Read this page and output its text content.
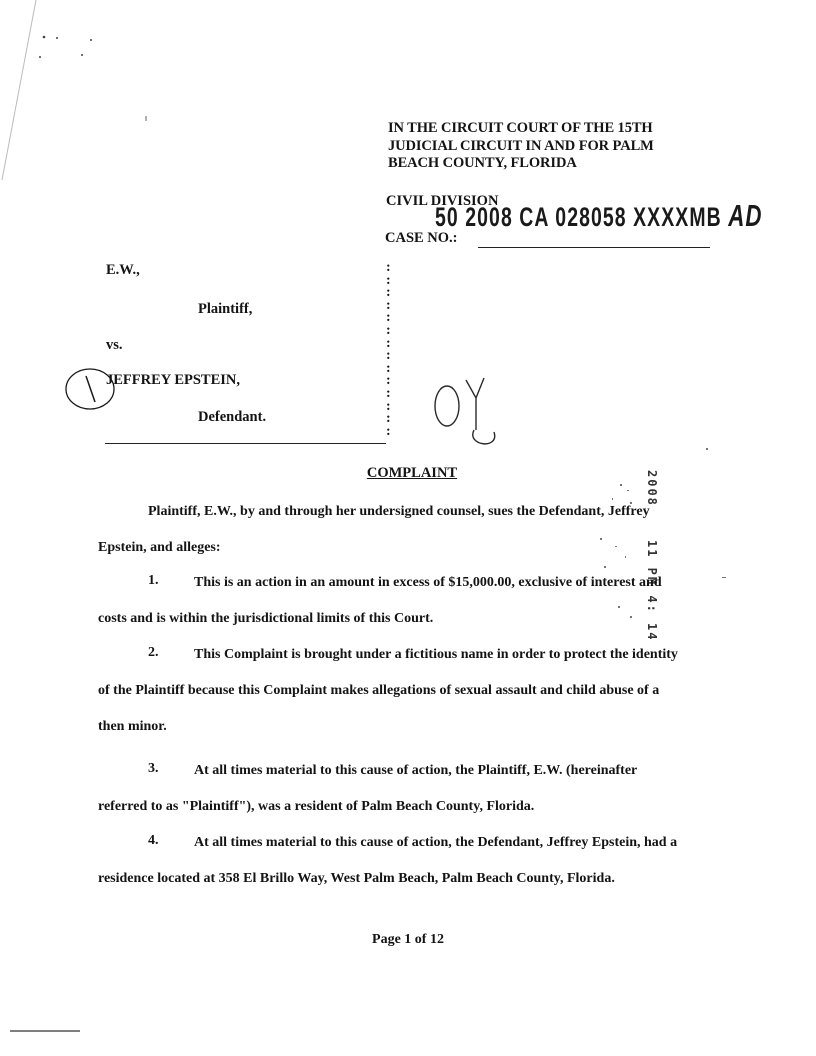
IN THE CIRCUIT COURT OF THE 15TH
JUDICIAL CIRCUIT IN AND FOR PALM
BEACH COUNTY, FLORIDA
CIVIL DIVISION
50 2008 CA 028058 XXXXMB AD
CASE NO.:
E.W.,
Plaintiff,
vs.
JEFFREY EPSTEIN,
Defendant.
:
:
:
:
:
:
:
:
:
:
:
:
:
:
2008
11 PM 4: 14
COMPLAINT
Plaintiff, E.W., by and through her undersigned counsel, sues the Defendant, Jeffrey
Epstein, and alleges:
1.	This is an action in an amount in excess of $15,000.00, exclusive of interest and
costs and is within the jurisdictional limits of this Court.
2.	This Complaint is brought under a fictitious name in order to protect the identity
of the Plaintiff because this Complaint makes allegations of sexual assault and child abuse of a
then minor.
3.	At all times material to this cause of action, the Plaintiff, E.W. (hereinafter
referred to as "Plaintiff"), was a resident of Palm Beach County, Florida.
4.	At all times material to this cause of action, the Defendant, Jeffrey Epstein, had a
residence located at 358 El Brillo Way, West Palm Beach, Palm Beach County, Florida.
Page 1 of 12
